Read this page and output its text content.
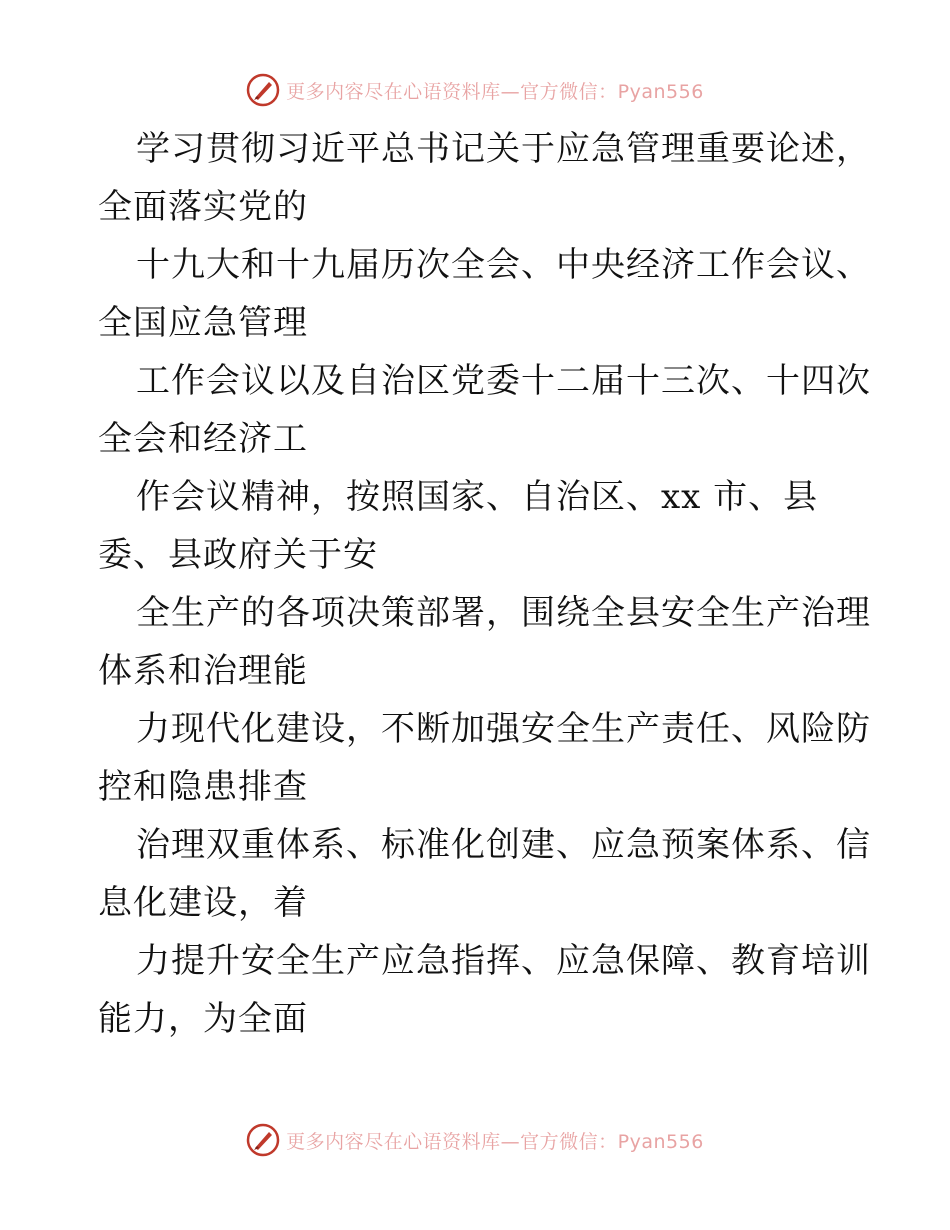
更多内容尽在心语资料库—官方微信：Pyan556

学习贯彻习近平总书记关于应急管理重要论述，
全面落实党的

十九大和十九届历次全会、中央经济工作会议、
全国应急管理

工作会议以及自治区党委十二届十三次、十四次
全会和经济工

作会议精神，按照国家、自治区、xx 市、县
委、县政府关于安

全生产的各项决策部署，围绕全县安全生产治理
体系和治理能

力现代化建设，不断加强安全生产责任、风险防
控和隐患排查

治理双重体系、标准化创建、应急预案体系、信
息化建设，着

力提升安全生产应急指挥、应急保障、教育培训
能力，为全面

更多内容尽在心语资料库—官方微信：Pyan556
